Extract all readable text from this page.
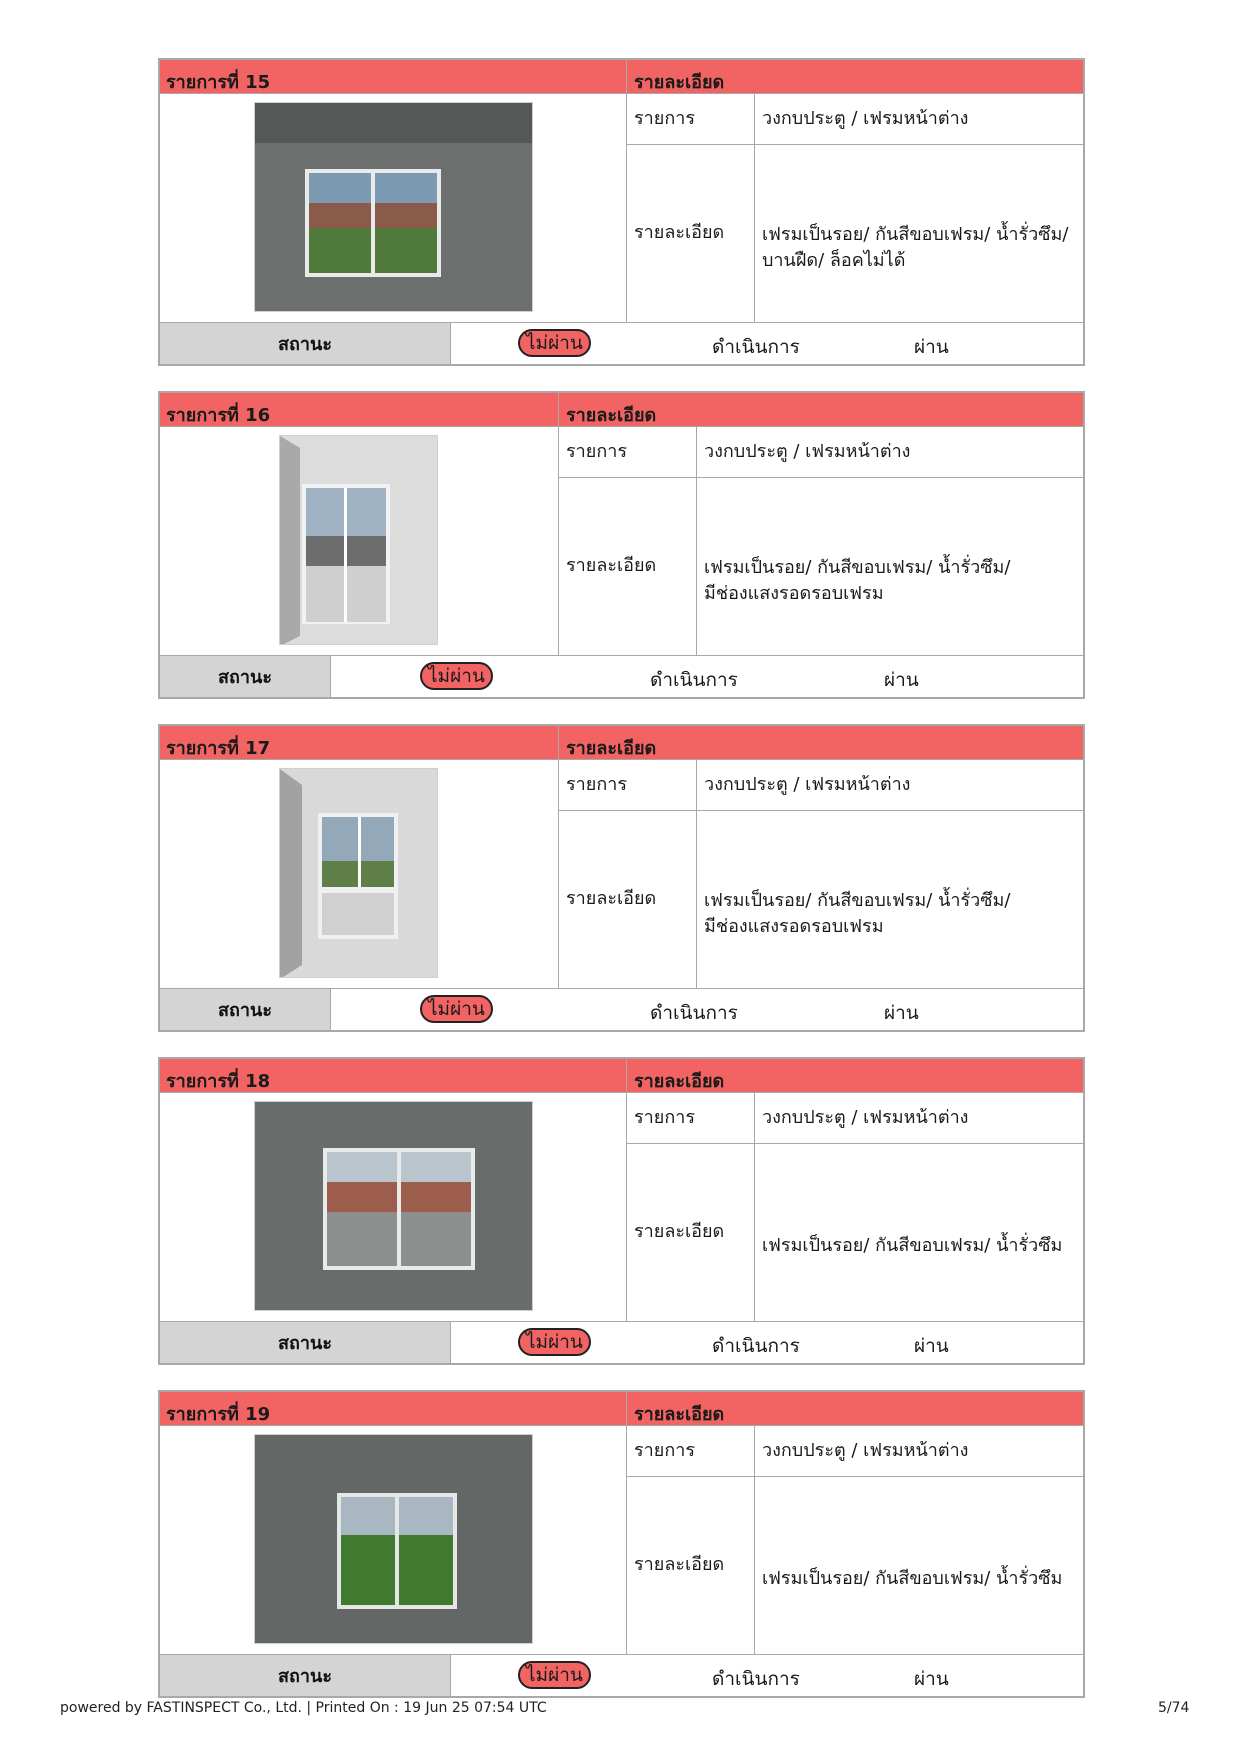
รายการที่ 15	รายละเอียด
รายการ	วงกบประตู / เฟรมหน้าต่าง
รายละเอียด เฟรมเป็นรอย/ กันสีขอบเฟรม/ น้ำรั่วซึม/
บานฝืด/ ล็อคไม่ได้
สถานะ	ไม่ผ่าน	ดำเนินการ	ผ่าน
รายการที่ 16	รายละเอียด
รายการ	วงกบประตู / เฟรมหน้าต่าง
รายละเอียด	เฟรมเป็นรอย/ กันสีขอบเฟรม/ น้ำรั่วซึม/
มีช่องแสงรอดรอบเฟรม
สถานะ	ไม่ผ่าน	ดำเนินการ	ผ่าน
รายการที่ 17	รายละเอียด
รายการ	วงกบประตู / เฟรมหน้าต่าง
รายละเอียด	เฟรมเป็นรอย/ กันสีขอบเฟรม/ น้ำรั่วซึม/
มีช่องแสงรอดรอบเฟรม
สถานะ	ไม่ผ่าน	ดำเนินการ	ผ่าน
รายการที่ 18	รายละเอียด
รายการ	วงกบประตู / เฟรมหน้าต่าง
รายละเอียด
เฟรมเป็นรอย/ กันสีขอบเฟรม/ น้ำรั่วซึม
สถานะ	ไม่ผ่าน	ดำเนินการ	ผ่าน
รายการที่ 19	รายละเอียด
รายการ	วงกบประตู / เฟรมหน้าต่าง
รายละเอียด
เฟรมเป็นรอย/ กันสีขอบเฟรม/ น้ำรั่วซึม
สถานะ	ไม่ผ่าน	ดำเนินการ	ผ่าน
powered by FASTINSPECT Co., Ltd. | Printed On : 19 Jun 25 07:54 UTC	5/74
